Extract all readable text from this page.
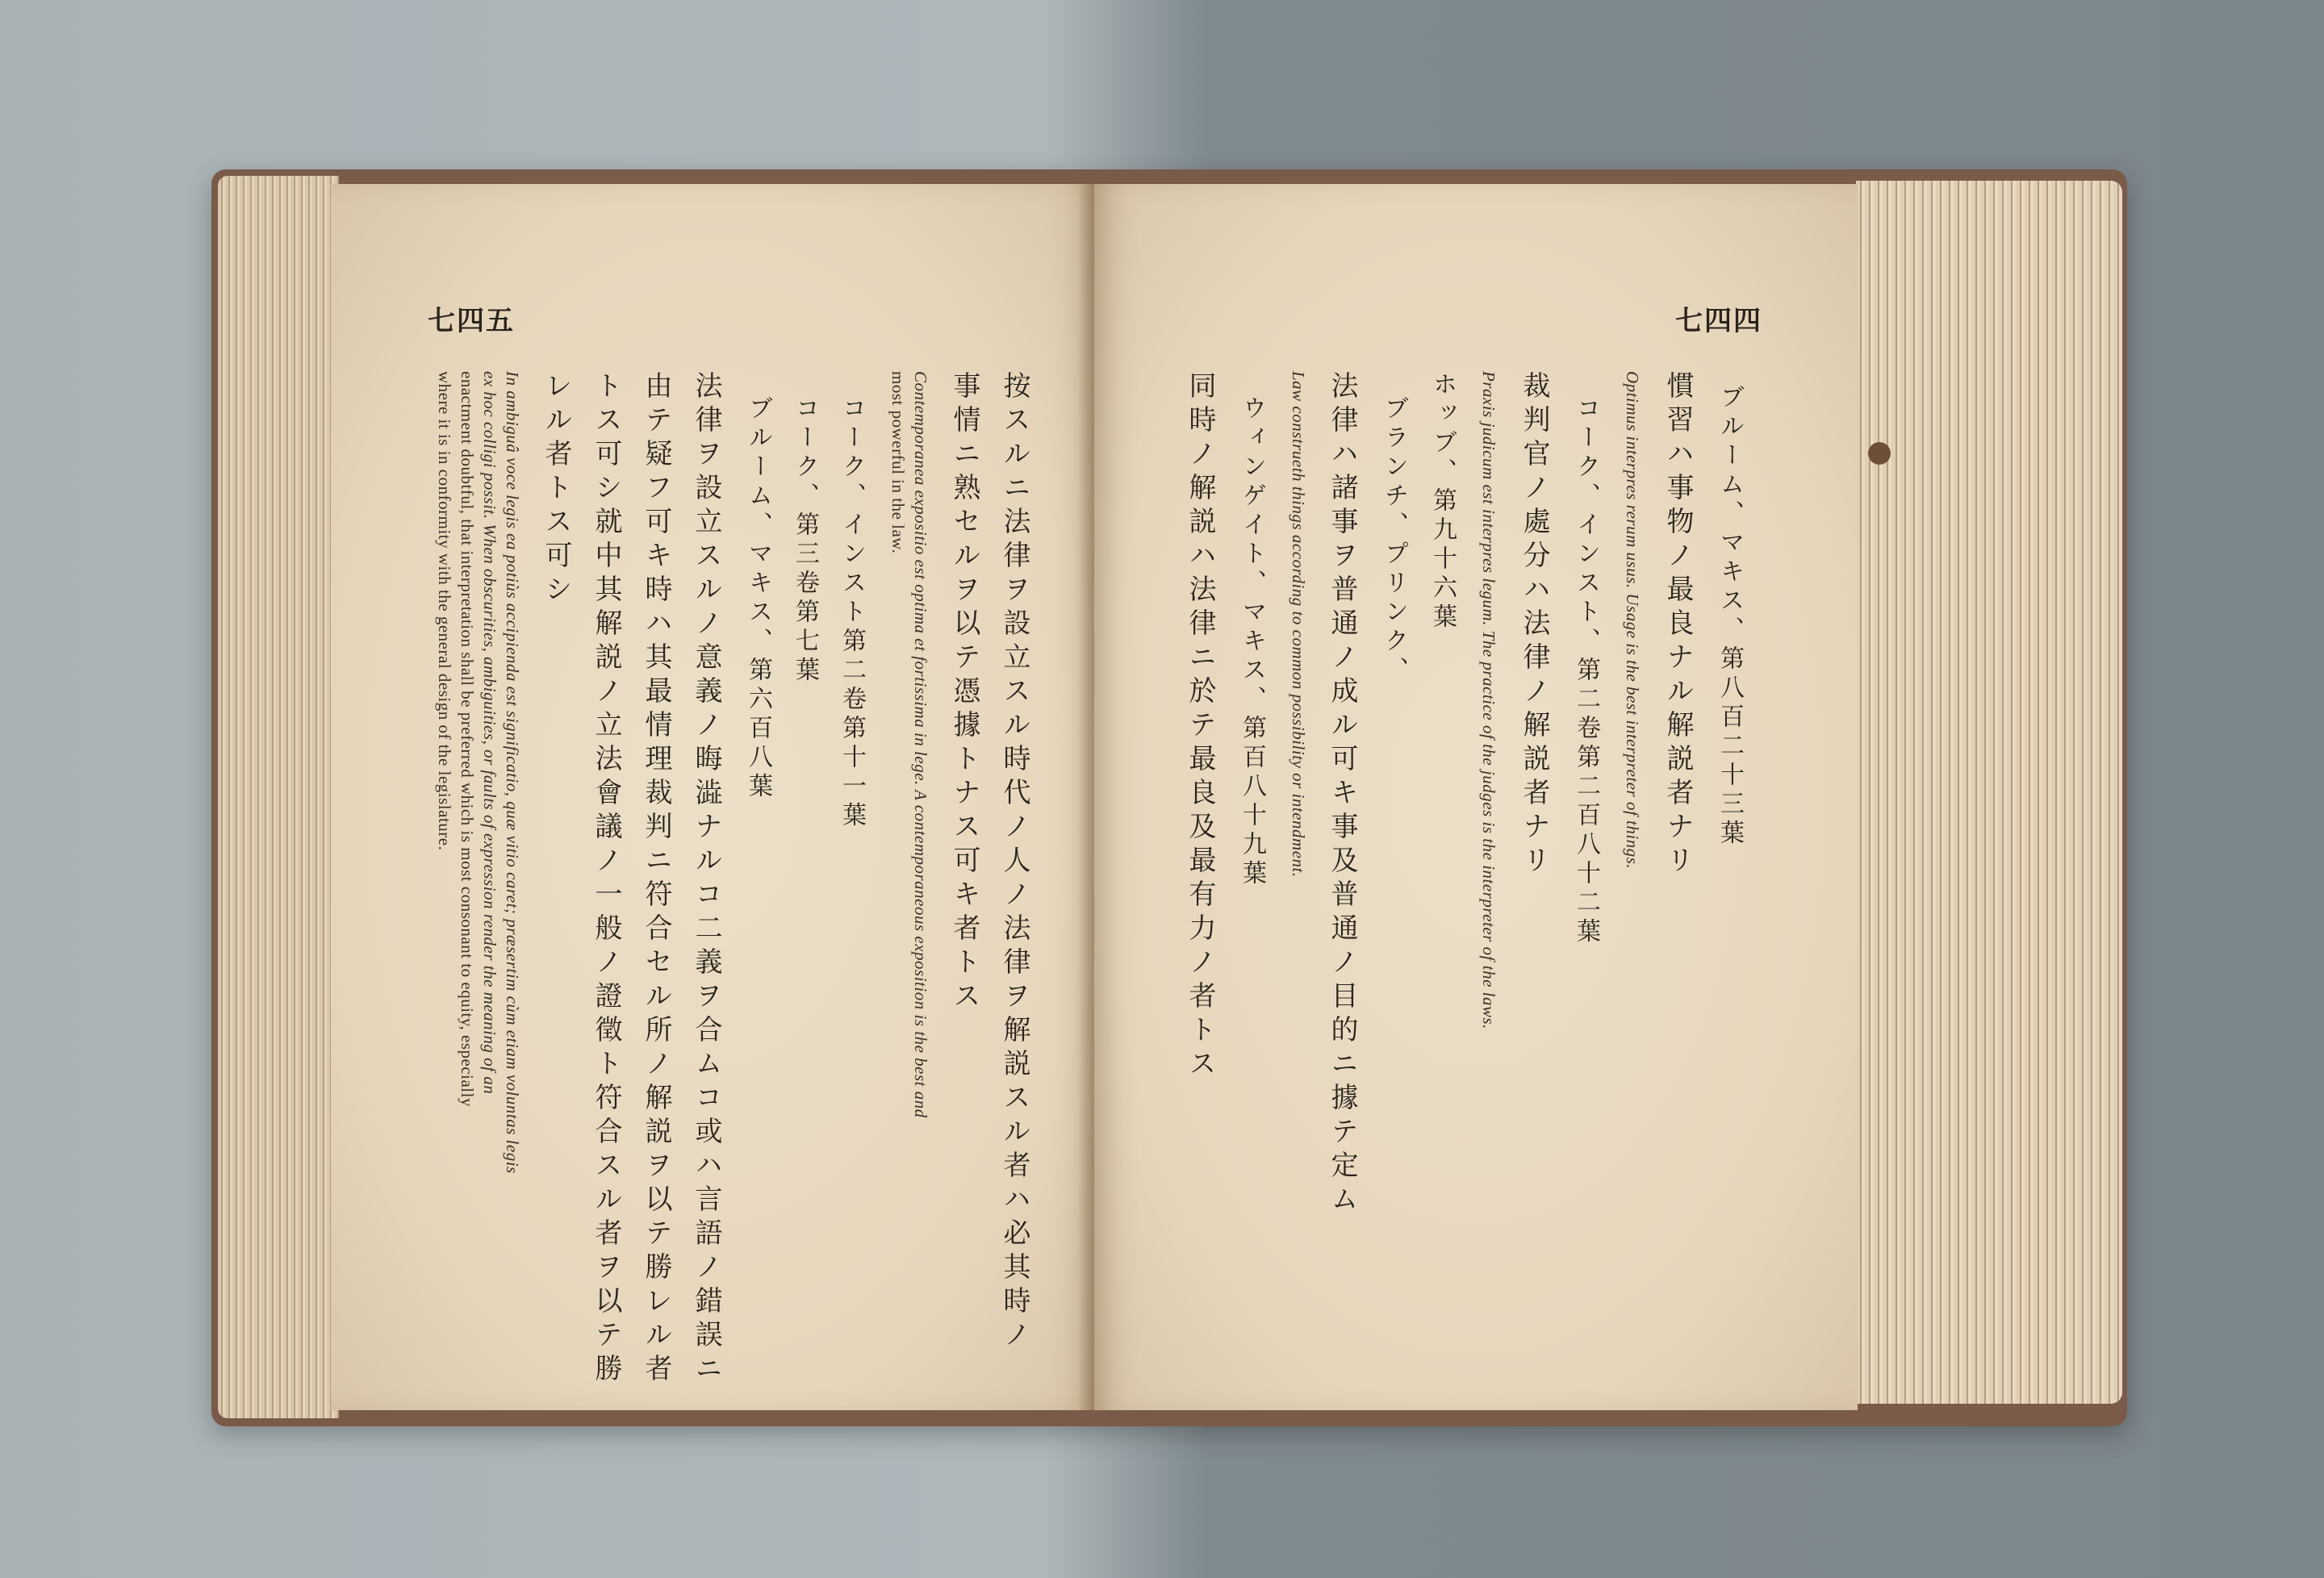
七四五
按スルニ法律ヲ設立スル時代ノ人ノ法律ヲ解説スル者ハ必其時ノ
事情ニ熟セルヲ以テ憑據トナス可キ者トス
Contemporanea expositio est optima et fortissima in lege. A contemporaneous exposition is the best and
most powerful in the law.
コーク、インスト第二卷第十一葉
コーク、第三卷第七葉
ブルーム、マキス、第六百八葉
法律ヲ設立スルノ意義ノ晦澁ナルコ二義ヲ合ムコ或ハ言語ノ錯誤ニ
由テ疑フ可キ時ハ其最情理裁判ニ符合セル所ノ解説ヲ以テ勝レル者
トス可シ就中其解説ノ立法會議ノ一般ノ證徵ト符合スル者ヲ以テ勝
レル者トス可シ
In ambiguâ voce legis ea potiùs accipienda est significatio, quæ vitio caret; præsertim cùm etiam voluntas legis
ex hoc colligi possit. When obscurities, ambiguities, or faults of expression render the meaning of an
enactment doubtful, that interpretation shall be preferred which is most consonant to equity, especially
where it is in conformity with the general design of the legislature.
七四四
ブルーム、マキス、第八百二十三葉
慣習ハ事物ノ最良ナル解説者ナリ
Optimus interpres rerum usus. Usage is the best interpreter of things.
コーク、インスト、第二卷第二百八十二葉
裁判官ノ處分ハ法律ノ解説者ナリ
Praxis judicum est interpres legum. The practice of the judges is the interpreter of the laws.
ホッブ、第九十六葉
ブランチ、プリンク、
法律ハ諸事ヲ普通ノ成ル可キ事及普通ノ目的ニ據テ定ム
Law construeth things according to common possibility or intendment.
ウィンゲイト、マキス、第百八十九葉
同時ノ解説ハ法律ニ於テ最良及最有力ノ者トス
